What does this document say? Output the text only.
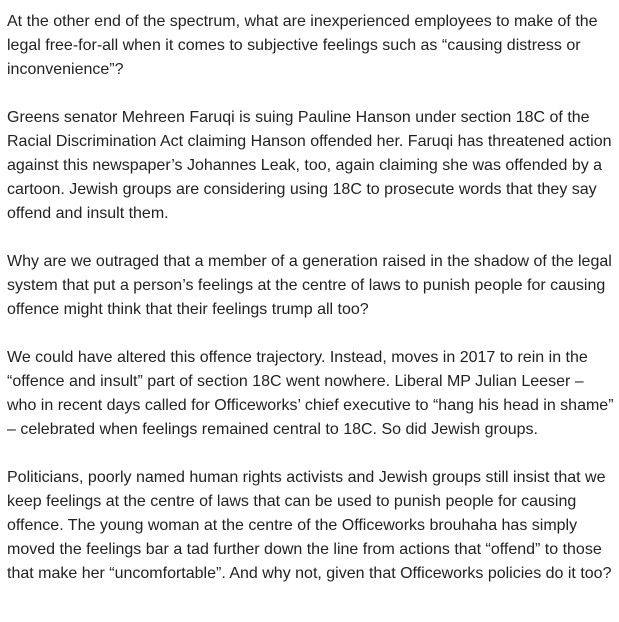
At the other end of the spectrum, what are inexperienced employees to make of the legal free-for-all when it comes to subjective feelings such as “causing distress or inconvenience”?

Greens senator Mehreen Faruqi is suing Pauline Hanson under section 18C of the Racial Discrimination Act claiming Hanson offended her. Faruqi has threatened action against this newspaper’s Johannes Leak, too, again claiming she was offended by a cartoon. Jewish groups are considering using 18C to prosecute words that they say offend and insult them.

Why are we outraged that a member of a generation raised in the shadow of the legal system that put a person’s feelings at the centre of laws to punish people for causing offence might think that their feelings trump all too?

We could have altered this offence trajectory. Instead, moves in 2017 to rein in the “offence and insult” part of section 18C went nowhere. Liberal MP Julian Leeser – who in recent days called for Officeworks’ chief executive to “hang his head in shame” – celebrated when feelings remained central to 18C. So did Jewish groups.

Politicians, poorly named human rights activists and Jewish groups still insist that we keep feelings at the centre of laws that can be used to punish people for causing offence. The young woman at the centre of the Officeworks brouhaha has simply moved the feelings bar a tad further down the line from actions that “offend” to those that make her “uncomfortable”. And why not, given that Officeworks policies do it too?
